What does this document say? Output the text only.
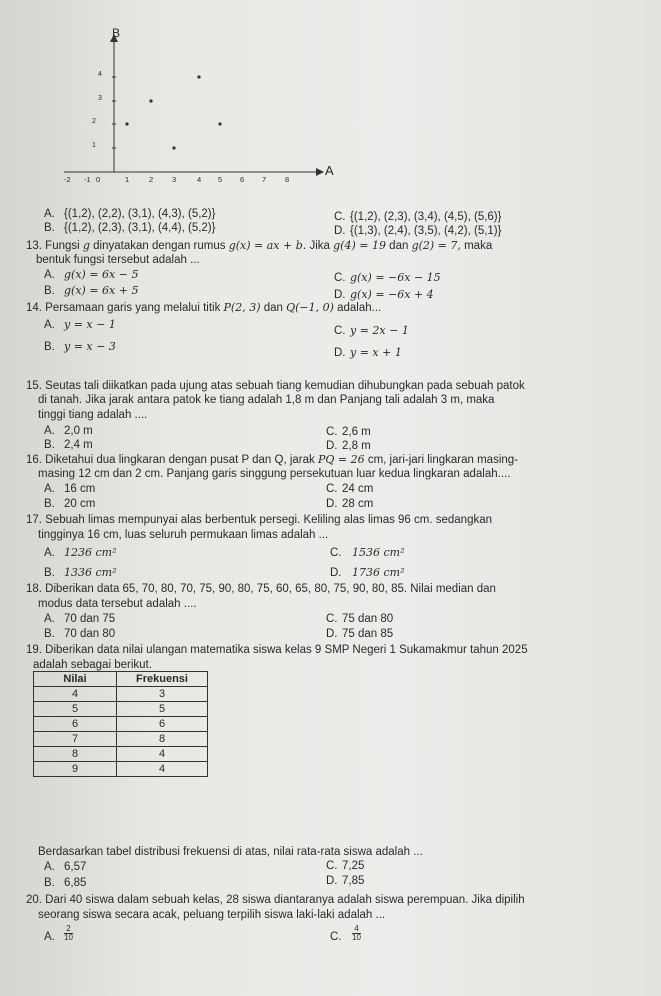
B
A
4
3
2
1
-2 -1 0	1	2	3	4 5 6 7	8
A. {(1,2), (2,2), (3,1), (4,3), (5,2)}
B. {(1,2), (2,3), (3,1), (4,4), (5,2)}
C. {(1,2), (2,3), (3,4), (4,5), (5,6)}
D. {(1,3), (2,4), (3,5), (4,2), (5,1)}
13. Fungsi g dinyatakan dengan rumus g(x) = ax + b. Jika g(4) = 19 dan g(2) = 7, maka
bentuk fungsi tersebut adalah ...
A. g(x) = 6x − 5
B. g(x) = 6x + 5
C. g(x) = −6x − 15
D. g(x) = −6x + 4
14. Persamaan garis yang melalui titik P(2, 3) dan Q(−1, 0) adalah...
A. y = x − 1
B. y = x − 3
C. y = 2x − 1
D. y = x + 1
15. Seutas tali diikatkan pada ujung atas sebuah tiang kemudian dihubungkan pada sebuah patok
di tanah. Jika jarak antara patok ke tiang adalah 1,8 m dan Panjang tali adalah 3 m, maka
tinggi tiang adalah ....
A. 2,0 m
B. 2,4 m
C. 2,6 m
D. 2,8 m
16. Diketahui dua lingkaran dengan pusat P dan Q, jarak PQ = 26 cm, jari-jari lingkaran masing-
masing 12 cm dan 2 cm. Panjang garis singgung persekutuan luar kedua lingkaran adalah....
A. 16 cm
B. 20 cm
C. 24 cm
D. 28 cm
17. Sebuah limas mempunyai alas berbentuk persegi. Keliling alas limas 96 cm. sedangkan
tingginya 16 cm, luas seluruh permukaan limas adalah ...
A. 1236 cm²
B. 1336 cm²
C. 1536 cm²
D. 1736 cm²
18. Diberikan data 65, 70, 80, 70, 75, 90, 80, 75, 60, 65, 80, 75, 90, 80, 85. Nilai median dan
modus data tersebut adalah ....
A. 70 dan 75
B. 70 dan 80
C. 75 dan 80
D. 75 dan 85
19. Diberikan data nilai ulangan matematika siswa kelas 9 SMP Negeri 1 Sukamakmur tahun 2025
adalah sebagai berikut.
Nilai	Frekuensi
4	3
5	5
6	6
7	8
8	4
9	4
Berdasarkan tabel distribusi frekuensi di atas, nilai rata-rata siswa adalah ...
A. 6,57
B. 6,85
C. 7,25
D. 7,85
20. Dari 40 siswa dalam sebuah kelas, 28 siswa diantaranya adalah siswa perempuan. Jika dipilih
seorang siswa secara acak, peluang terpilih siswa laki-laki adalah ...
A. $\frac{2}{10}$	C. $\frac{4}{10}$
